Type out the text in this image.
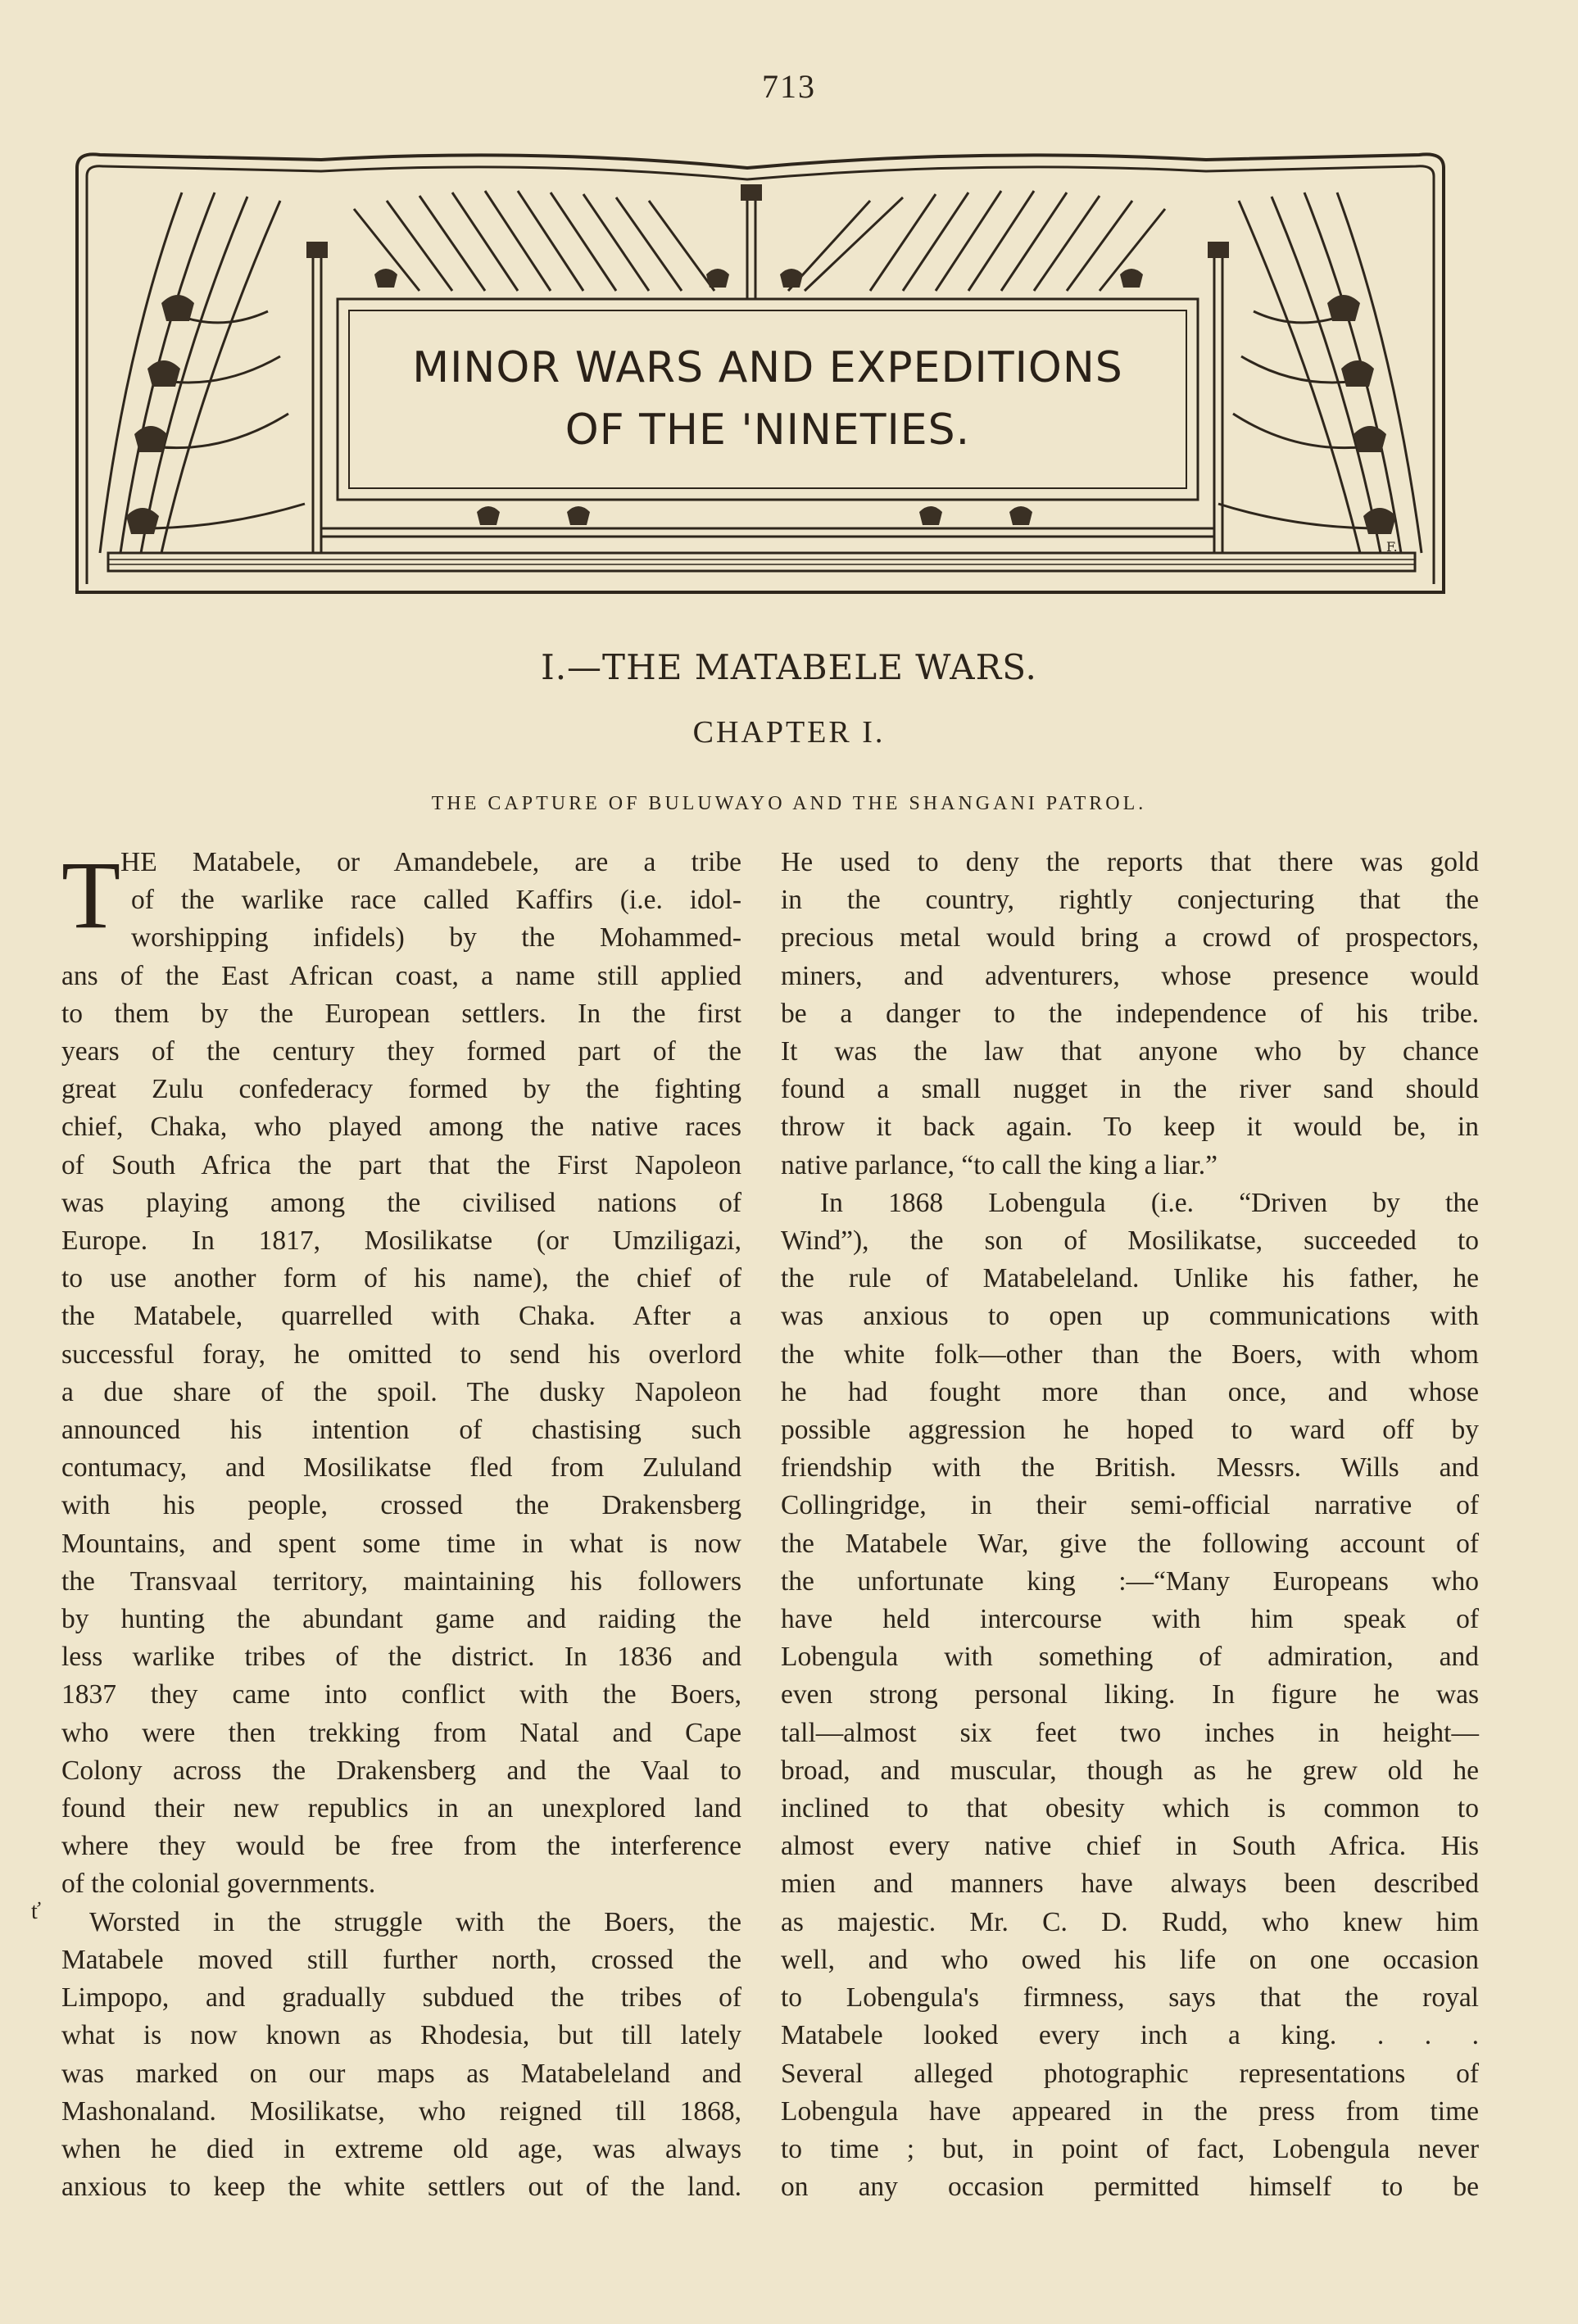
713
F.
MINOR WARS AND EXPEDITIONS
OF THE 'NINETIES.
I.—THE MATABELE WARS.
CHAPTER I.
THE CAPTURE OF BULUWAYO AND THE SHANGANI PATROL.
ť
T HE Matabele, or Amandebele, are a tribe
of the warlike race called Kaffirs (i.e. idol-
worshipping infidels) by the Mohammed-
ans of the East African coast, a name still applied
to them by the European settlers. In the first
years of the century they formed part of the
great Zulu confederacy formed by the fighting
chief, Chaka, who played among the native races
of South Africa the part that the First Napoleon
was playing among the civilised nations of
Europe. In 1817, Mosilikatse (or Umziligazi,
to use another form of his name), the chief of
the Matabele, quarrelled with Chaka. After a
successful foray, he omitted to send his overlord
a due share of the spoil. The dusky Napoleon
announced his intention of chastising such
contumacy, and Mosilikatse fled from Zululand
with his people, crossed the Drakensberg
Mountains, and spent some time in what is now
the Transvaal territory, maintaining his followers
by hunting the abundant game and raiding the
less warlike tribes of the district. In 1836 and
1837 they came into conflict with the Boers,
who were then trekking from Natal and Cape
Colony across the Drakensberg and the Vaal to
found their new republics in an unexplored land
where they would be free from the interference
of the colonial governments.
Worsted in the struggle with the Boers, the
Matabele moved still further north, crossed the
Limpopo, and gradually subdued the tribes of
what is now known as Rhodesia, but till lately
was marked on our maps as Matabeleland and
Mashonaland. Mosilikatse, who reigned till 1868,
when he died in extreme old age, was always
anxious to keep the white settlers out of the land.
He used to deny the reports that there was gold
in the country, rightly conjecturing that the
precious metal would bring a crowd of prospectors,
miners, and adventurers, whose presence would
be a danger to the independence of his tribe.
It was the law that anyone who by chance
found a small nugget in the river sand should
throw it back again. To keep it would be, in
native parlance, “to call the king a liar.”
In 1868 Lobengula (i.e. “Driven by the
Wind”), the son of Mosilikatse, succeeded to
the rule of Matabeleland. Unlike his father, he
was anxious to open up communications with
the white folk—other than the Boers, with whom
he had fought more than once, and whose
possible aggression he hoped to ward off by
friendship with the British. Messrs. Wills and
Collingridge, in their semi-official narrative of
the Matabele War, give the following account of
the unfortunate king :—“Many Europeans who
have held intercourse with him speak of
Lobengula with something of admiration, and
even strong personal liking. In figure he was
tall—almost six feet two inches in height—
broad, and muscular, though as he grew old he
inclined to that obesity which is common to
almost every native chief in South Africa. His
mien and manners have always been described
as majestic. Mr. C. D. Rudd, who knew him
well, and who owed his life on one occasion
to Lobengula's firmness, says that the royal
Matabele looked every inch a king. . . .
Several alleged photographic representations of
Lobengula have appeared in the press from time
to time ; but, in point of fact, Lobengula never
on any occasion permitted himself to be
